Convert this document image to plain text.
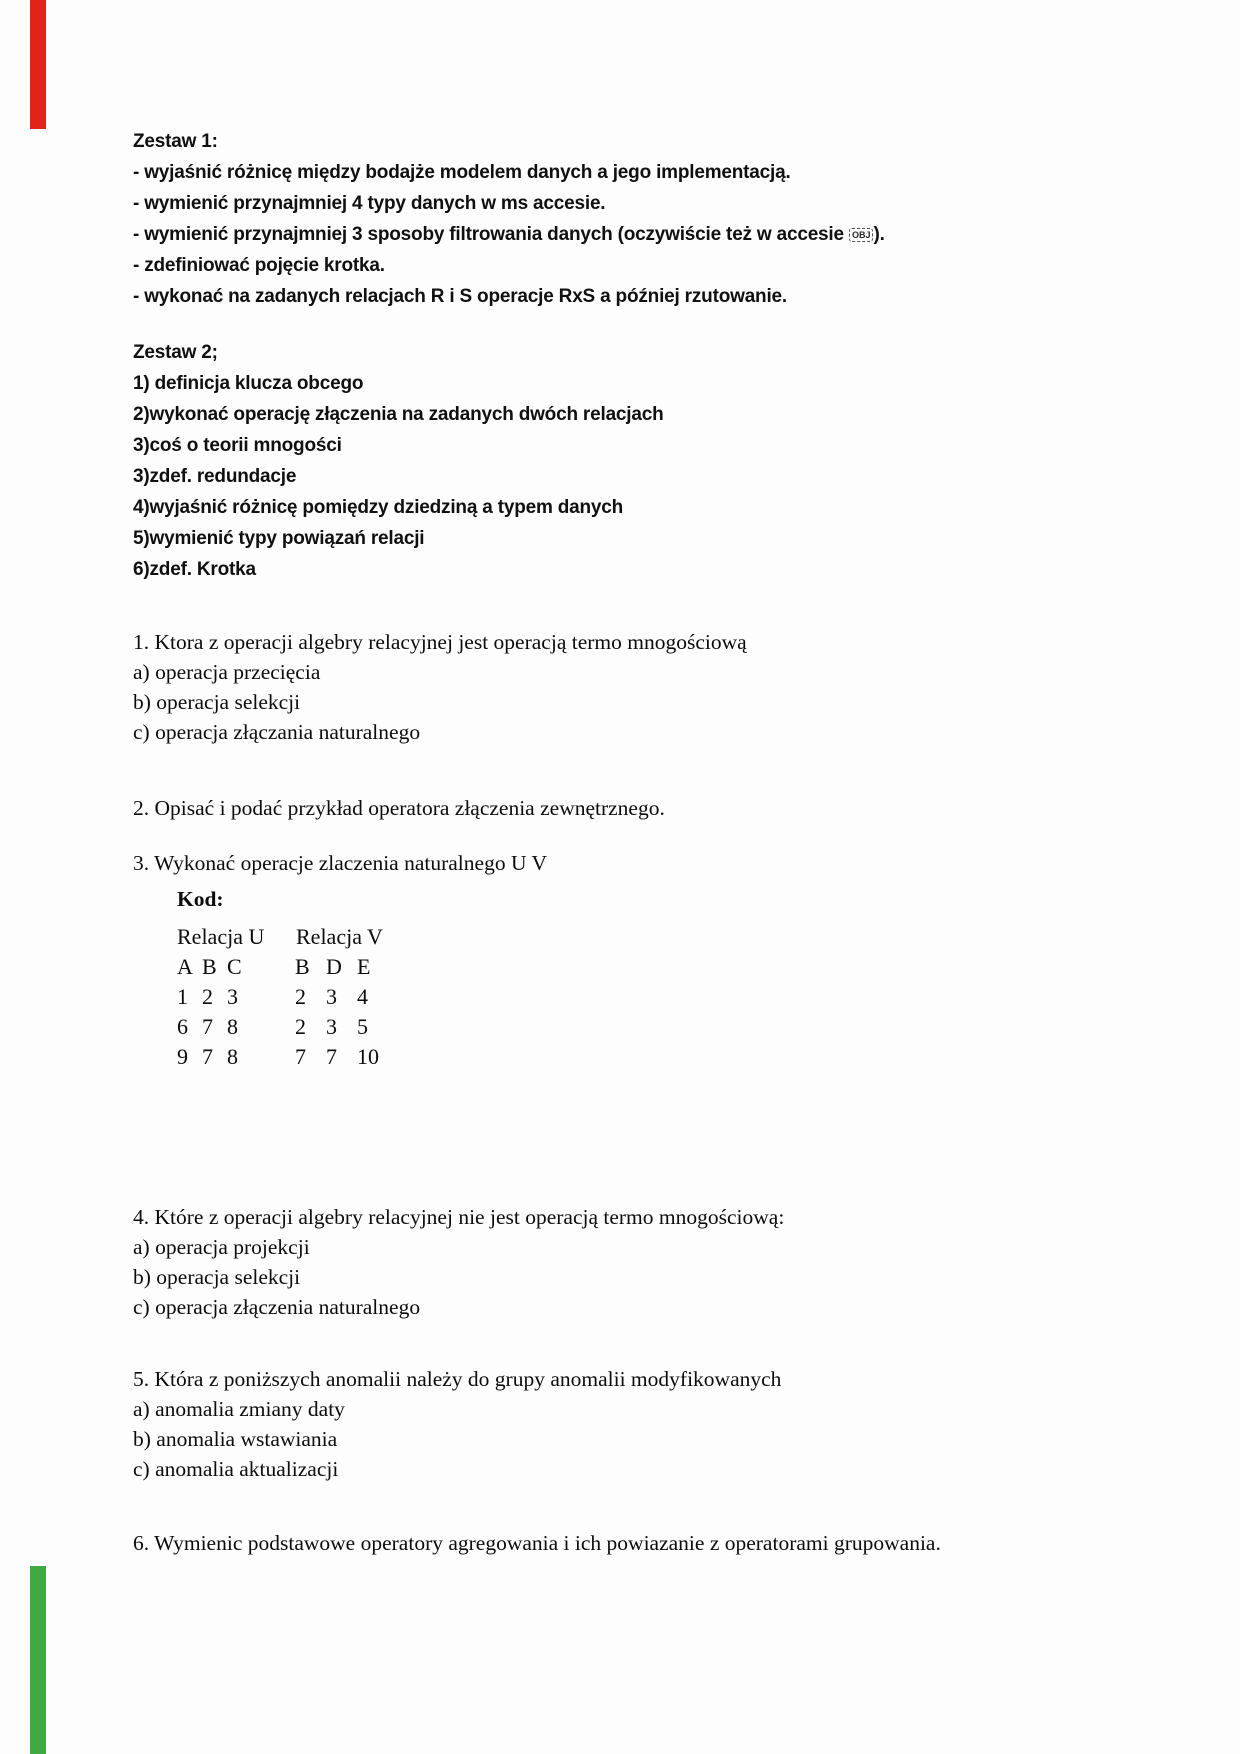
Zestaw 1:
- wyjaśnić różnicę między bodajże modelem danych a jego implementacją.
- wymienić przynajmniej 4 typy danych w ms accesie.
- wymienić przynajmniej 3 sposoby filtrowania danych (oczywiście też w accesie OBJ ).
- zdefiniować pojęcie krotka.
- wykonać na zadanych relacjach R i S operacje RxS a później rzutowanie.
Zestaw 2;
1) definicja klucza obcego
2)wykonać operację złączenia na zadanych dwóch relacjach
3)coś o teorii mnogości
3)zdef. redundacje
4)wyjaśnić różnicę pomiędzy dziedziną a typem danych
5)wymienić typy powiązań relacji
6)zdef. Krotka
1. Ktora z operacji algebry relacyjnej jest operacją termo mnogościową
a) operacja przecięcia
b) operacja selekcji
c) operacja złączania naturalnego
2. Opisać i podać przykład operatora złączenia zewnętrznego.
3. Wykonać operacje zlaczenia naturalnego U V
Kod:
Relacja U	Relacja V
A B C	B D E
1 2 3	2 3 4
6 7 8	2 3 5
9 7 8	7 7 10
4. Które z operacji algebry relacyjnej nie jest operacją termo mnogościową:
a) operacja projekcji
b) operacja selekcji
c) operacja złączenia naturalnego
5. Która z poniższych anomalii należy do grupy anomalii modyfikowanych
a) anomalia zmiany daty
b) anomalia wstawiania
c) anomalia aktualizacji
6. Wymienic podstawowe operatory agregowania i ich powiazanie z operatorami grupowania.
